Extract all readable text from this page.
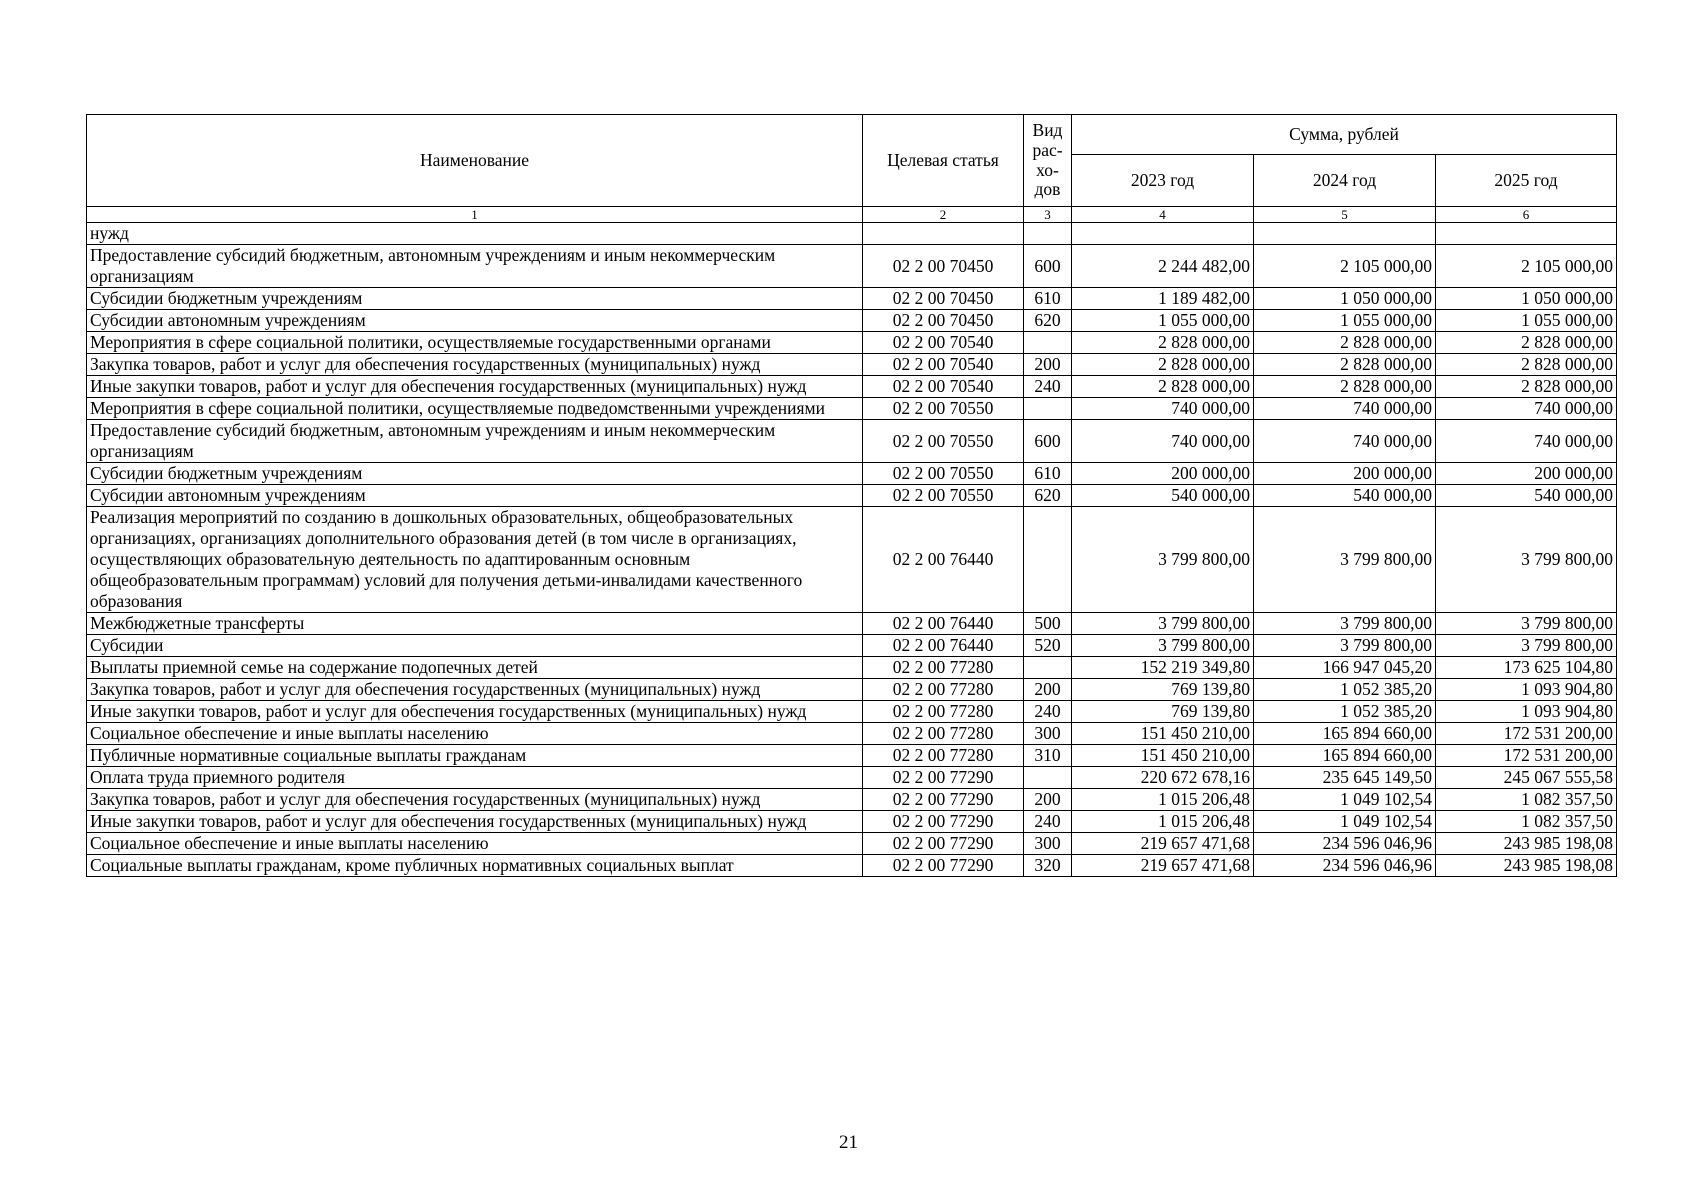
Наименование	Целевая статья	Вид рас-хо-дов	Сумма, рублей		
			2023 год	2024 год	2025 год
1	2	3	4	5	6
нужд					
Предоставление субсидий бюджетным, автономным учреждениям и иным некоммерческим организациям	02 2 00 70450	600	2 244 482,00	2 105 000,00	2 105 000,00
Субсидии бюджетным учреждениям	02 2 00 70450	610	1 189 482,00	1 050 000,00	1 050 000,00
Субсидии автономным учреждениям	02 2 00 70450	620	1 055 000,00	1 055 000,00	1 055 000,00
Мероприятия в сфере социальной политики, осуществляемые государственными органами	02 2 00 70540		2 828 000,00	2 828 000,00	2 828 000,00
Закупка товаров, работ и услуг для обеспечения государственных (муниципальных) нужд	02 2 00 70540	200	2 828 000,00	2 828 000,00	2 828 000,00
Иные закупки товаров, работ и услуг для обеспечения государственных (муниципальных) нужд	02 2 00 70540	240	2 828 000,00	2 828 000,00	2 828 000,00
Мероприятия в сфере социальной политики, осуществляемые подведомственными учреждениями	02 2 00 70550		740 000,00	740 000,00	740 000,00
Предоставление субсидий бюджетным, автономным учреждениям и иным некоммерческим организациям	02 2 00 70550	600	740 000,00	740 000,00	740 000,00
Субсидии бюджетным учреждениям	02 2 00 70550	610	200 000,00	200 000,00	200 000,00
Субсидии автономным учреждениям	02 2 00 70550	620	540 000,00	540 000,00	540 000,00
Реализация мероприятий по созданию в дошкольных образовательных, общеобразовательных организациях, организациях дополнительного образования детей (в том числе в организациях, осуществляющих образовательную деятельность по адаптированным основным общеобразовательным программам) условий для получения детьми-инвалидами качественного образования	02 2 00 76440		3 799 800,00	3 799 800,00	3 799 800,00
Межбюджетные трансферты	02 2 00 76440	500	3 799 800,00	3 799 800,00	3 799 800,00
Субсидии	02 2 00 76440	520	3 799 800,00	3 799 800,00	3 799 800,00
Выплаты приемной семье на содержание подопечных детей	02 2 00 77280		152 219 349,80	166 947 045,20	173 625 104,80
Закупка товаров, работ и услуг для обеспечения государственных (муниципальных) нужд	02 2 00 77280	200	769 139,80	1 052 385,20	1 093 904,80
Иные закупки товаров, работ и услуг для обеспечения государственных (муниципальных) нужд	02 2 00 77280	240	769 139,80	1 052 385,20	1 093 904,80
Социальное обеспечение и иные выплаты населению	02 2 00 77280	300	151 450 210,00	165 894 660,00	172 531 200,00
Публичные нормативные социальные выплаты гражданам	02 2 00 77280	310	151 450 210,00	165 894 660,00	172 531 200,00
Оплата труда приемного родителя	02 2 00 77290		220 672 678,16	235 645 149,50	245 067 555,58
Закупка товаров, работ и услуг для обеспечения государственных (муниципальных) нужд	02 2 00 77290	200	1 015 206,48	1 049 102,54	1 082 357,50
Иные закупки товаров, работ и услуг для обеспечения государственных (муниципальных) нужд	02 2 00 77290	240	1 015 206,48	1 049 102,54	1 082 357,50
Социальное обеспечение и иные выплаты населению	02 2 00 77290	300	219 657 471,68	234 596 046,96	243 985 198,08
Социальные выплаты гражданам, кроме публичных нормативных социальных выплат	02 2 00 77290	320	219 657 471,68	234 596 046,96	243 985 198,08
21
